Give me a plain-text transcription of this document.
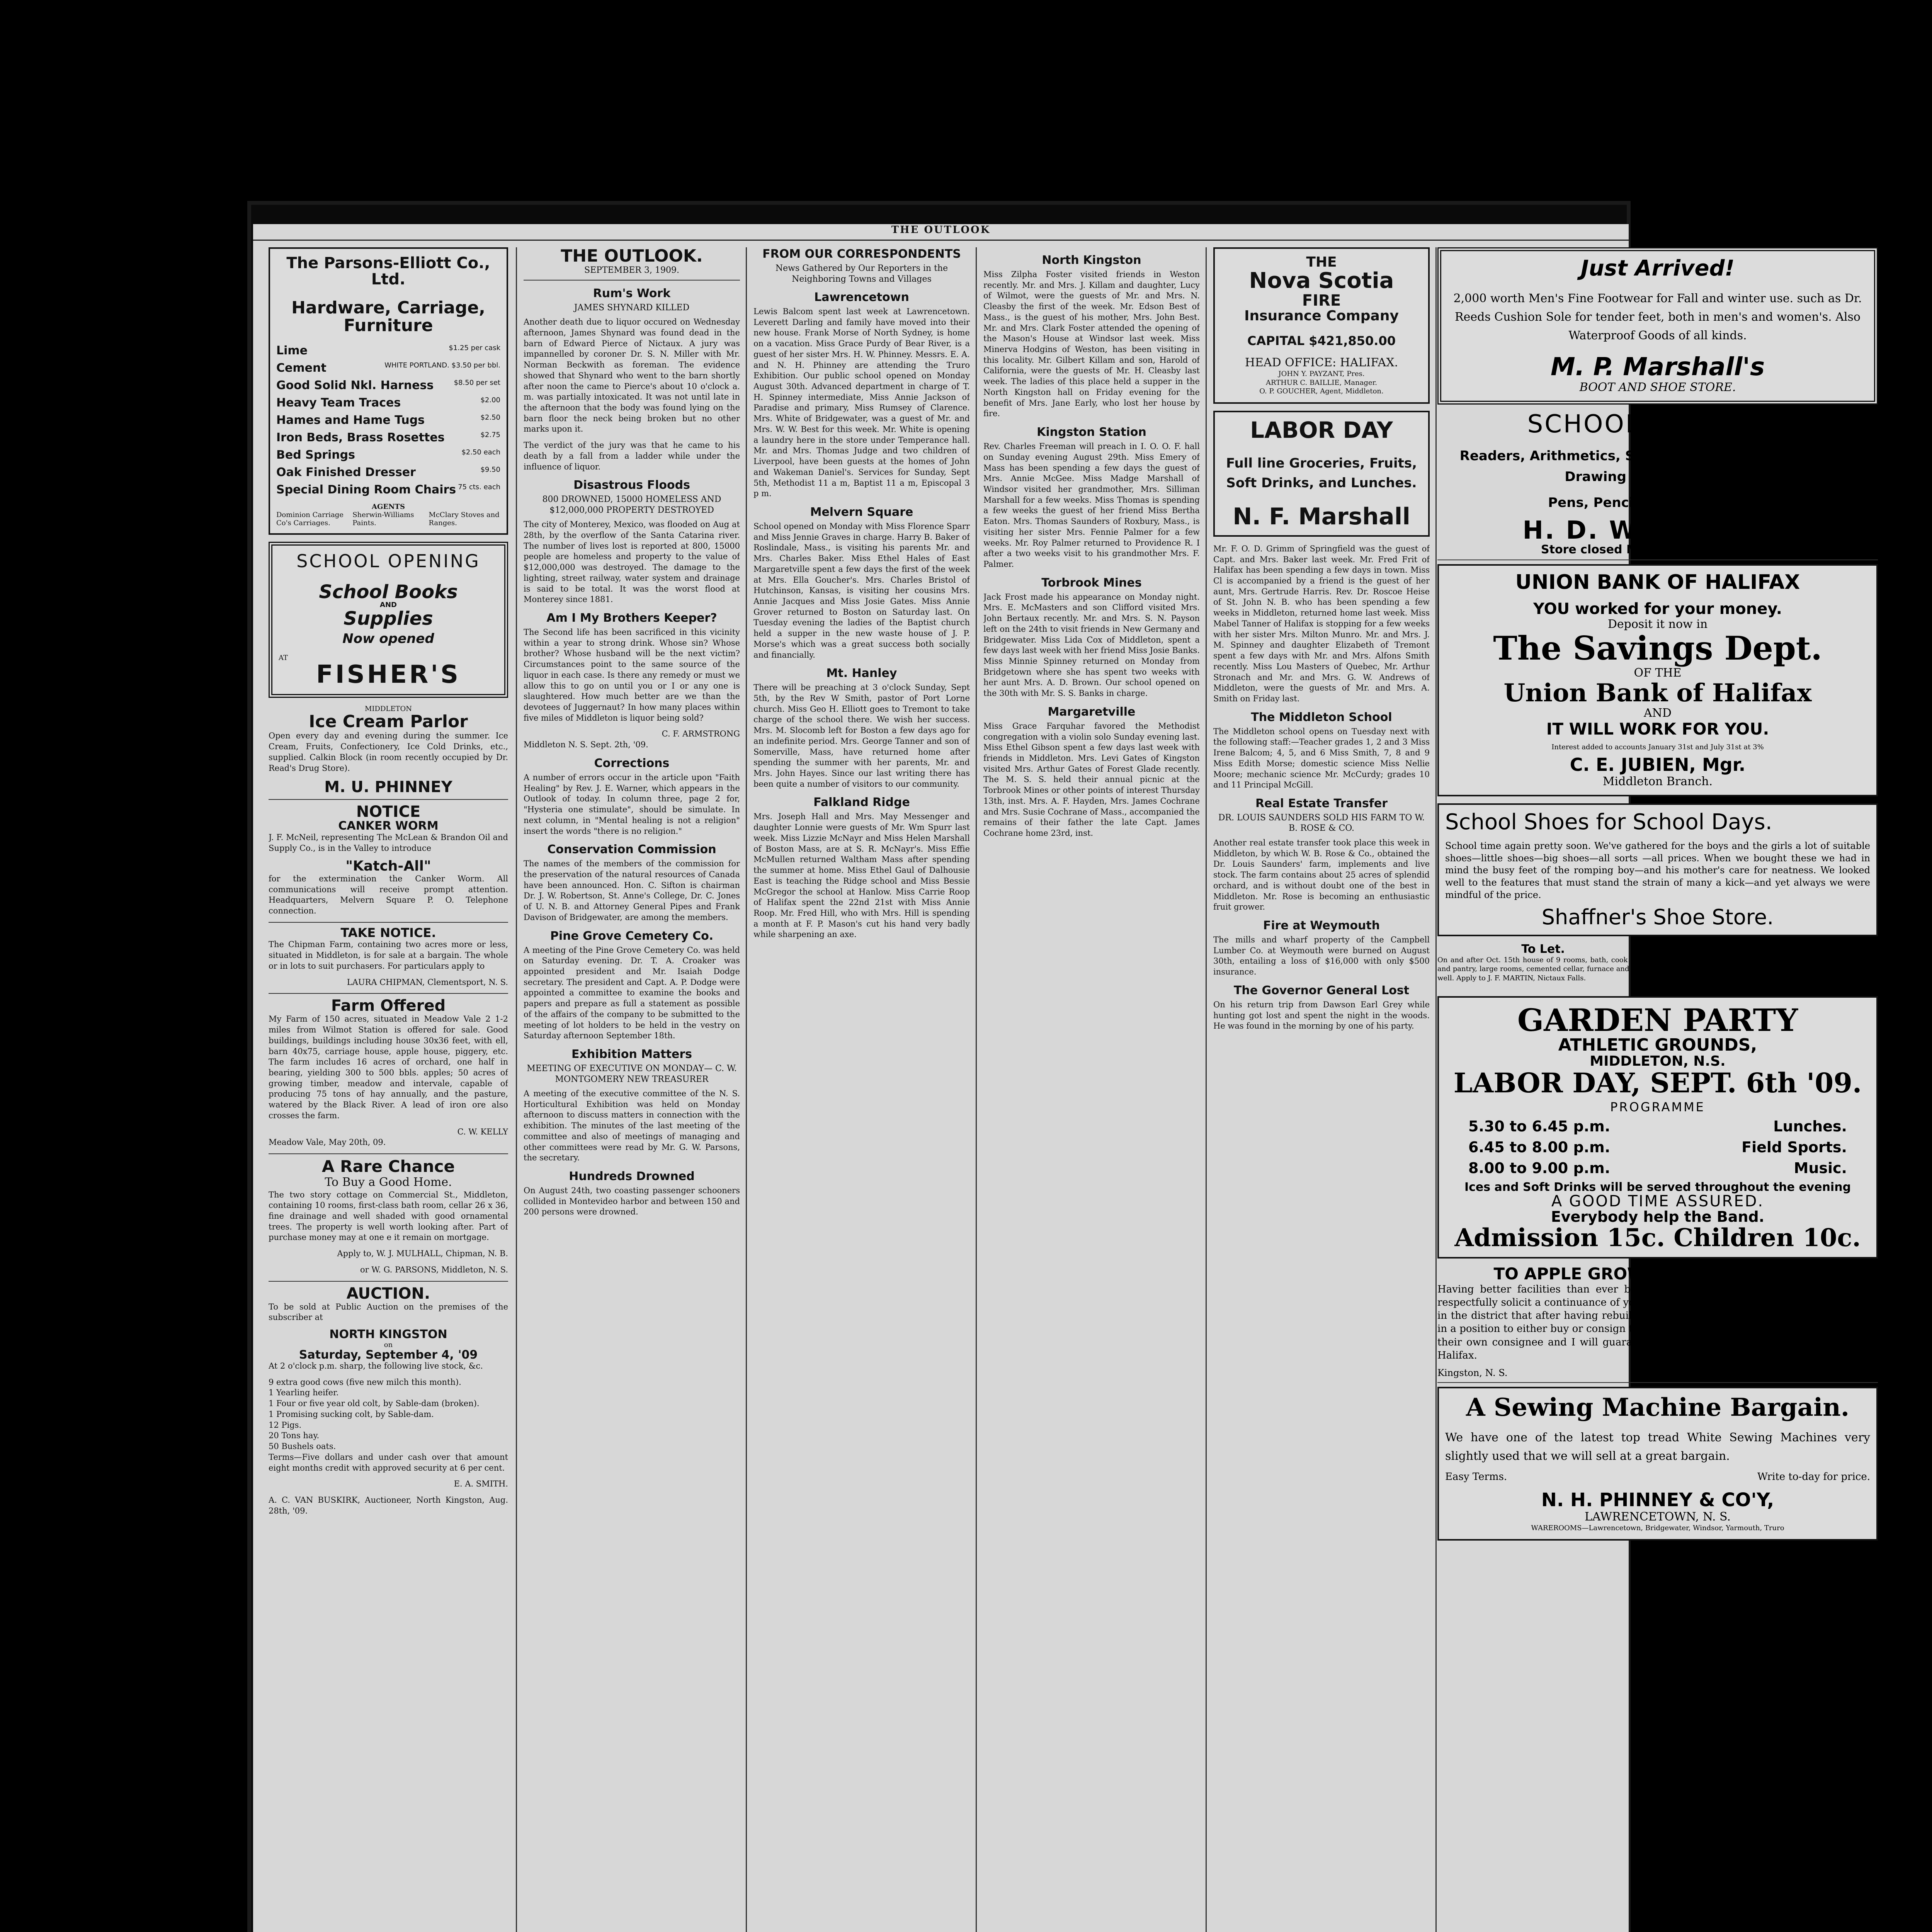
THE OUTLOOK
The Parsons-Elliott Co., Ltd.
Hardware, Carriage,
Furniture
Lime	$1.25 per cask
Cement	WHITE PORTLAND. $3.50 per bbl.
Good Solid Nkl. Harness	$8.50 per set
Heavy Team Traces	$2.00
Hames and Hame Tugs	$2.50
Iron Beds, Brass Rosettes	$2.75
Bed Springs	$2.50 each
Oak Finished Dresser	$9.50
Special Dining Room Chairs 75 cts. each
AGENTS
Dominion Carriage Co's Carriages.
Sherwin-Williams Paints.
McClary Stoves and Ranges.
SCHOOL OPENING
School Books
AND
Supplies
Now opened
AT
FISHER'S
MIDDLETON
Ice Cream Parlor

Open every day and evening during the summer. Ice Cream, Fruits, Confectionery, Ice Cold Drinks, etc., supplied. Calkin Block (in room recently occupied by Dr. Read's Drug Store).

M. U. PHINNEY
NOTICE
CANKER WORM

J. F. McNeil, representing The McLean & Brandon Oil and Supply Co., is in the Valley to introduce

"Katch-All"

for the extermination the Canker Worm. All communications will receive prompt attention. Headquarters, Melvern Square P. O. Telephone connection.

TAKE NOTICE.

The Chipman Farm, containing two acres more or less, situated in Middleton, is for sale at a bargain. The whole or in lots to suit purchasers. For particulars apply to

LAURA CHIPMAN, Clementsport, N. S.

Farm Offered

My Farm of 150 acres, situated in Meadow Vale 2 1-2 miles from Wilmot Station is offered for sale. Good buildings, buildings including house 30x36 feet, with ell, barn 40x75, carriage house, apple house, piggery, etc. The farm includes 16 acres of orchard, one half in bearing, yielding 300 to 500 bbls. apples; 50 acres of growing timber, meadow and intervale, capable of producing 75 tons of hay annually, and the pasture, watered by the Black River. A lead of iron ore also crosses the farm.

C. W. KELLY

Meadow Vale, May 20th, 09.

A Rare Chance
To Buy a Good Home.

The two story cottage on Commercial St., Middleton, containing 10 rooms, first-class bath room, cellar 26 x 36, fine drainage and well shaded with good ornamental trees. The property is well worth looking after. Part of purchase money may at one e it remain on mortgage.

Apply to, W. J. MULHALL, Chipman, N. B.

or W. G. PARSONS, Middleton, N. S.

AUCTION.

To be sold at Public Auction on the premises of the subscriber at

NORTH KINGSTON
on
Saturday, September 4, '09

At 2 o'clock p.m. sharp, the following live stock, &c.

9 extra good cows (five new milch this month).
1 Yearling heifer.
1 Four or five year old colt, by Sable-dam (broken).
1 Promising sucking colt, by Sable-dam.
12 Pigs.
20 Tons hay.
50 Bushels oats.

Terms—Five dollars and under cash over that amount eight months credit with approved security at 6 per cent.

E. A. SMITH.

A. C. VAN BUSKIRK, Auctioneer, North Kingston, Aug. 28th, '09.

THE OUTLOOK.
SEPTEMBER 3, 1909.
Rum's Work
JAMES SHYNARD KILLED

Another death due to liquor occured on Wednesday afternoon, James Shynard was found dead in the barn of Edward Pierce of Nictaux. A jury was impannelled by coroner Dr. S. N. Miller with Mr. Norman Beckwith as foreman. The evidence showed that Shynard who went to the barn shortly after noon the came to Pierce's about 10 o'clock a. m. was partially intoxicated. It was not until late in the afternoon that the body was found lying on the barn floor the neck being broken but no other marks upon it.

The verdict of the jury was that he came to his death by a fall from a ladder while under the influence of liquor.

Disastrous Floods
800 DROWNED, 15000 HOMELESS AND $12,000,000 PROPERTY DESTROYED

The city of Monterey, Mexico, was flooded on Aug at 28th, by the overflow of the Santa Catarina river. The number of lives lost is reported at 800, 15000 people are homeless and property to the value of $12,000,000 was destroyed. The damage to the lighting, street railway, water system and drainage is said to be total. It was the worst flood at Monterey since 1881.

Am I My Brothers Keeper?

The Second life has been sacrificed in this vicinity within a year to strong drink. Whose sin? Whose brother? Whose husband will be the next victim? Circumstances point to the same source of the liquor in each case. Is there any remedy or must we allow this to go on until you or I or any one is slaughtered. How much better are we than the devotees of Juggernaut? In how many places within five miles of Middleton is liquor being sold?

C. F. ARMSTRONG

Middleton N. S. Sept. 2th, '09.

Corrections

A number of errors occur in the article upon "Faith Healing" by Rev. J. E. Warner, which appears in the Outlook of today. In column three, page 2 for, "Hysteria one stimulate", should be simulate. In next column, in "Mental healing is not a religion" insert the words "there is no religion."

Conservation Commission

The names of the members of the commission for the preservation of the natural resources of Canada have been announced. Hon. C. Sifton is chairman Dr. J. W. Robertson, St. Anne's College, Dr. C. Jones of U. N. B. and Attorney General Pipes and Frank Davison of Bridgewater, are among the members.

Pine Grove Cemetery Co.

A meeting of the Pine Grove Cemetery Co. was held on Saturday evening. Dr. T. A. Croaker was appointed president and Mr. Isaiah Dodge secretary. The president and Capt. A. P. Dodge were appointed a committee to examine the books and papers and prepare as full a statement as possible of the affairs of the company to be submitted to the meeting of lot holders to be held in the vestry on Saturday afternoon September 18th.

Exhibition Matters
MEETING OF EXECUTIVE ON MONDAY— C. W. MONTGOMERY NEW TREASURER

A meeting of the executive committee of the N. S. Horticultural Exhibition was held on Monday afternoon to discuss matters in connection with the exhibition. The minutes of the last meeting of the committee and also of meetings of managing and other committees were read by Mr. G. W. Parsons, the secretary.

Hundreds Drowned

On August 24th, two coasting passenger schooners collided in Montevideo harbor and between 150 and 200 persons were drowned.

FROM OUR CORRESPONDENTS
News Gathered by Our Reporters in the Neighboring Towns and Villages
Lawrencetown

Lewis Balcom spent last week at Lawrencetown. Leverett Darling and family have moved into their new house. Frank Morse of North Sydney, is home on a vacation. Miss Grace Purdy of Bear River, is a guest of her sister Mrs. H. W. Phinney. Messrs. E. A. and N. H. Phinney are attending the Truro Exhibition. Our public school opened on Monday August 30th. Advanced department in charge of T. H. Spinney intermediate, Miss Annie Jackson of Paradise and primary, Miss Rumsey of Clarence. Mrs. White of Bridgewater, was a guest of Mr. and Mrs. W. W. Best for this week. Mr. White is opening a laundry here in the store under Temperance hall. Mr. and Mrs. Thomas Judge and two children of Liverpool, have been guests at the homes of John and Wakeman Daniel's. Services for Sunday, Sept 5th, Methodist 11 a m, Baptist 11 a m, Episcopal 3 p m.

Melvern Square

School opened on Monday with Miss Florence Sparr and Miss Jennie Graves in charge. Harry B. Baker of Roslindale, Mass., is visiting his parents Mr. and Mrs. Charles Baker. Miss Ethel Hales of East Margaretville spent a few days the first of the week at Mrs. Ella Goucher's. Mrs. Charles Bristol of Hutchinson, Kansas, is visiting her cousins Mrs. Annie Jacques and Miss Josie Gates. Miss Annie Grover returned to Boston on Saturday last. On Tuesday evening the ladies of the Baptist church held a supper in the new waste house of J. P. Morse's which was a great success both socially and financially.

Mt. Hanley

There will be preaching at 3 o'clock Sunday, Sept 5th, by the Rev W Smith, pastor of Port Lorne church. Miss Geo H. Elliott goes to Tremont to take charge of the school there. We wish her success. Mrs. M. Slocomb left for Boston a few days ago for an indefinite period. Mrs. George Tanner and son of Somerville, Mass, have returned home after spending the summer with her parents, Mr. and Mrs. John Hayes. Since our last writing there has been quite a number of visitors to our community.

Falkland Ridge

Mrs. Joseph Hall and Mrs. May Messenger and daughter Lonnie were guests of Mr. Wm Spurr last week. Miss Lizzie McNayr and Miss Helen Marshall of Boston Mass, are at S. R. McNayr's. Miss Effie McMullen returned Waltham Mass after spending the summer at home. Miss Ethel Gaul of Dalhousie East is teaching the Ridge school and Miss Bessie McGregor the school at Hanlow. Miss Carrie Roop of Halifax spent the 22nd 21st with Miss Annie Roop. Mr. Fred Hill, who with Mrs. Hill is spending a month at F. P. Mason's cut his hand very badly while sharpening an axe.

North Kingston

Miss Zilpha Foster visited friends in Weston recently. Mr. and Mrs. J. Killam and daughter, Lucy of Wilmot, were the guests of Mr. and Mrs. N. Cleasby the first of the week. Mr. Edson Best of Mass., is the guest of his mother, Mrs. John Best. Mr. and Mrs. Clark Foster attended the opening of the Mason's House at Windsor last week. Miss Minerva Hodgins of Weston, has been visiting in this locality. Mr. Gilbert Killam and son, Harold of California, were the guests of Mr. H. Cleasby last week. The ladies of this place held a supper in the North Kingston hall on Friday evening for the benefit of Mrs. Jane Early, who lost her house by fire.

Kingston Station

Rev. Charles Freeman will preach in I. O. O. F. hall on Sunday evening August 29th. Miss Emery of Mass has been spending a few days the guest of Mrs. Annie McGee. Miss Madge Marshall of Windsor visited her grandmother, Mrs. Silliman Marshall for a few weeks. Miss Thomas is spending a few weeks the guest of her friend Miss Bertha Eaton. Mrs. Thomas Saunders of Roxbury, Mass., is visiting her sister Mrs. Fennie Palmer for a few weeks. Mr. Roy Palmer returned to Providence R. I after a two weeks visit to his grandmother Mrs. F. Palmer.

Torbrook Mines

Jack Frost made his appearance on Monday night. Mrs. E. McMasters and son Clifford visited Mrs. John Bertaux recently. Mr. and Mrs. S. N. Payson left on the 24th to visit friends in New Germany and Bridgewater. Miss Lida Cox of Middleton, spent a few days last week with her friend Miss Josie Banks. Miss Minnie Spinney returned on Monday from Bridgetown where she has spent two weeks with her aunt Mrs. A. D. Brown. Our school opened on the 30th with Mr. S. S. Banks in charge.

Margaretville

Miss Grace Farquhar favored the Methodist congregation with a violin solo Sunday evening last. Miss Ethel Gibson spent a few days last week with friends in Middleton. Mrs. Levi Gates of Kingston visited Mrs. Arthur Gates of Forest Glade recently. The M. S. S. held their annual picnic at the Torbrook Mines or other points of interest Thursday 13th, inst. Mrs. A. F. Hayden, Mrs. James Cochrane and Mrs. Susie Cochrane of Mass., accompanied the remains of their father the late Capt. James Cochrane home 23rd, inst.

THE
Nova Scotia
FIRE
Insurance Company
CAPITAL $421,850.00
HEAD OFFICE: HALIFAX.
JOHN Y. PAYZANT, Pres.
ARTHUR C. BAILLIE, Manager.
O. P. GOUCHER, Agent, Middleton.
LABOR DAY
Full line Groceries, Fruits, Soft Drinks, and Lunches.
N. F. Marshall

Mr. F. O. D. Grimm of Springfield was the guest of Capt. and Mrs. Baker last week. Mr. Fred Frit of Halifax has been spending a few days in town. Miss Cl is accompanied by a friend is the guest of her aunt, Mrs. Gertrude Harris. Rev. Dr. Roscoe Heise of St. John N. B. who has been spending a few weeks in Middleton, returned home last week. Miss Mabel Tanner of Halifax is stopping for a few weeks with her sister Mrs. Milton Munro. Mr. and Mrs. J. M. Spinney and daughter Elizabeth of Tremont spent a few days with Mr. and Mrs. Alfons Smith recently. Miss Lou Masters of Quebec, Mr. Arthur Stronach and Mr. and Mrs. G. W. Andrews of Middleton, were the guests of Mr. and Mrs. A. Smith on Friday last.

The Middleton School

The Middleton school opens on Tuesday next with the following staff:—Teacher grades 1, 2 and 3 Miss Irene Balcom; 4, 5, and 6 Miss Smith, 7, 8 and 9 Miss Edith Morse; domestic science Miss Nellie Moore; mechanic science Mr. McCurdy; grades 10 and 11 Principal McGill.

Real Estate Transfer
DR. LOUIS SAUNDERS SOLD HIS FARM TO W. B. ROSE & CO.

Another real estate transfer took place this week in Middleton, by which W. B. Rose & Co., obtained the Dr. Louis Saunders' farm, implements and live stock. The farm contains about 25 acres of splendid orchard, and is without doubt one of the best in Middleton. Mr. Rose is becoming an enthusiastic fruit grower.

Fire at Weymouth

The mills and wharf property of the Campbell Lumber Co. at Weymouth were burned on August 30th, entailing a loss of $16,000 with only $500 insurance.

The Governor General Lost

On his return trip from Dawson Earl Grey while hunting got lost and spent the night in the woods. He was found in the morning by one of his party.

Just Arrived!
2,000 worth Men's Fine Footwear for Fall and winter use. such as Dr. Reeds Cushion Sole for tender feet, both in men's and women's. Also Waterproof Goods of all kinds.
M. P. Marshall's
BOOT AND SHOE STORE.
SCHOOL SUPPLIES.
Readers, Arithmetics, Slates, Scribblers, Copy Books, Drawing Books, etc., etc.
ALSO
Pens, Pencils, Rulers and Ink.
H. D. WOODBURY.
Store closed Monday Sept. 6th, '09.
UNION BANK OF HALIFAX
YOU worked for your money.
Deposit it now in
The Savings Dept.
OF THE
Union Bank of Halifax
AND
IT WILL WORK FOR YOU.
Interest added to accounts January 31st and July 31st at 3%
C. E. JUBIEN, Mgr.
Middleton Branch.
School Shoes for School Days.

School time again pretty soon. We've gathered for the boys and the girls a lot of suitable shoes—little shoes—big shoes—all sorts —all prices. When we bought these we had in mind the busy feet of the romping boy—and his mother's care for neatness. We looked well to the features that must stand the strain of many a kick—and yet always we were mindful of the price.

Shaffner's Shoe Store.
To Let.

On and after Oct. 15th house of 9 rooms, bath, cook room and pantry, large rooms, cemented cellar, furnace and good well. Apply to J. F. MARTIN, Nictaux Falls.

FOR SALE.

Lot of Land, ample for a building lot, situated in Middleton. Apply to W. B. HALL, MIDDLETON.

GARDEN PARTY
ATHLETIC GROUNDS,
MIDDLETON, N.S.
LABOR DAY, SEPT. 6th '09.
PROGRAMME
5.30 to 6.45 p.m.	Lunches.
6.45 to 8.00 p.m.	Field Sports.
8.00 to 9.00 p.m.	Music.
Ices and Soft Drinks will be served throughout the evening
A GOOD TIME ASSURED.
Everybody help the Band.
Admission 15c. Children 10c.
TO APPLE GROWERS AND SHIPPERS

Having better facilities than ever before to handle apples and potatoes, I would respectfully solicit a continuance of your patronage and would say to any new comers in the district that after having rebuilt each of my warehouses at Kingston, that I am in a position to either buy or consign their fruit, and as in the past patrons can choose their own consignee and I will guarantee the safe delivery of their fruit to boats at Halifax.

Kingston, N. S.	Respectfully yours, J. W. WELTON.
A Sewing Machine Bargain.

We have one of the latest top tread White Sewing Machines very slightly used that we will sell at a great bargain.

Easy Terms.	Write to-day for price.
N. H. PHINNEY & CO'Y,
LAWRENCETOWN, N. S.
WAREROOMS—Lawrencetown, Bridgewater, Windsor, Yarmouth, Truro
